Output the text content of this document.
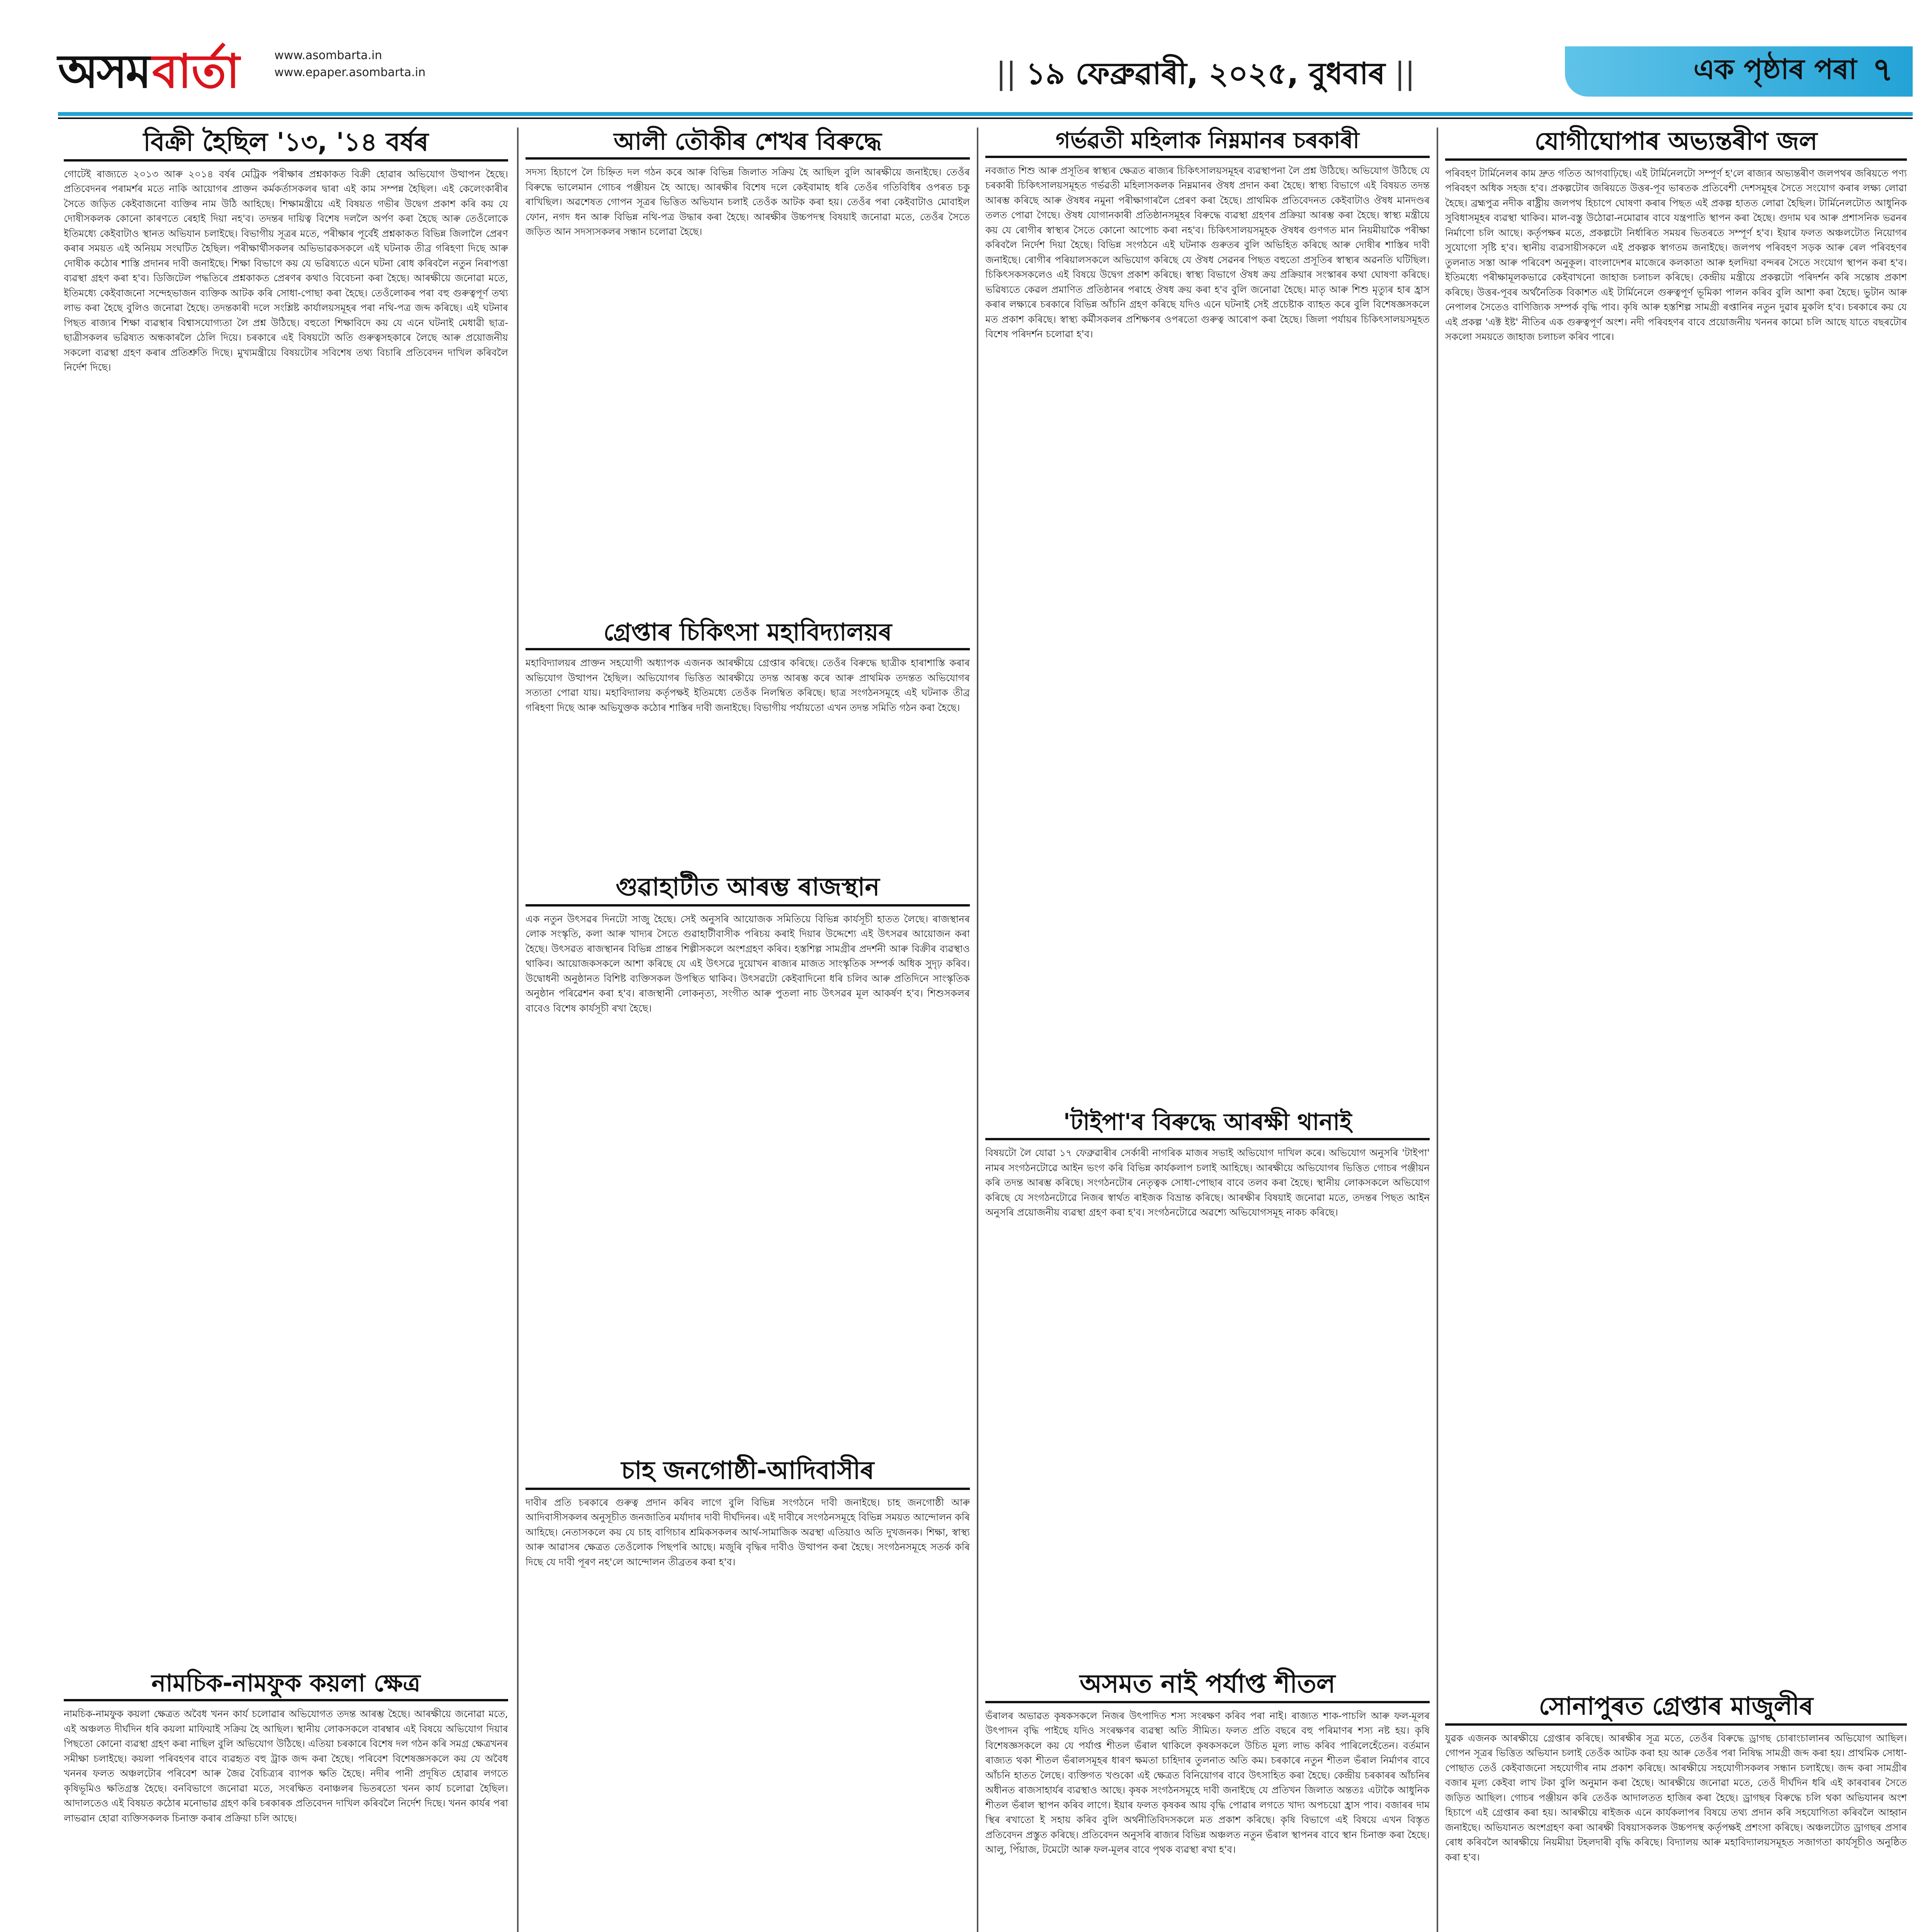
অসম বাৰ্তা	www.asombarta.in
www.epaper.asombarta.in	|| ১৯ ফেব্ৰুৱাৰী, ২০২৫, বুধবাৰ ||	এক পৃষ্ঠাৰ পৰা ৭
বিক্ৰী হৈছিল '১৩, '১৪ বৰ্ষৰ

গোটেই ৰাজ্যতে ২০১৩ আৰু ২০১৪ বৰ্ষৰ মেট্ৰিক পৰীক্ষাৰ প্ৰশ্নকাকত বিক্ৰী হোৱাৰ অভিযোগ উত্থাপন হৈছে। প্ৰতিবেদনৰ পৰামৰ্শৰ মতে নাকি আয়োগৰ প্ৰাক্তন কৰ্মকৰ্তাসকলৰ দ্বাৰা এই কাম সম্পন্ন হৈছিল। এই কেলেংকাৰীৰ সৈতে জড়িত কেইবাজনো ব্যক্তিৰ নাম উঠি আহিছে। শিক্ষামন্ত্ৰীয়ে এই বিষয়ত গভীৰ উদ্বেগ প্ৰকাশ কৰি কয় যে দোষীসকলক কোনো কাৰণতে ৰেহাই দিয়া নহ'ব। তদন্তৰ দায়িত্ব বিশেষ দললৈ অৰ্পণ কৰা হৈছে আৰু তেওঁলোকে ইতিমধ্যে কেইবাটাও স্থানত অভিযান চলাইছে। বিভাগীয় সূত্ৰৰ মতে, পৰীক্ষাৰ পূৰ্বেই প্ৰশ্নকাকত বিভিন্ন জিলালৈ প্ৰেৰণ কৰাৰ সময়ত এই অনিয়ম সংঘটিত হৈছিল। পৰীক্ষাৰ্থীসকলৰ অভিভাৱকসকলে এই ঘটনাক তীব্ৰ গৰিহণা দিছে আৰু দোষীক কঠোৰ শাস্তি প্ৰদানৰ দাবী জনাইছে। শিক্ষা বিভাগে কয় যে ভৱিষ্যতে এনে ঘটনা ৰোধ কৰিবলৈ নতুন নিৰাপত্তা ব্যৱস্থা গ্ৰহণ কৰা হ'ব। ডিজিটেল পদ্ধতিৰে প্ৰশ্নকাকত প্ৰেৰণৰ কথাও বিবেচনা কৰা হৈছে। আৰক্ষীয়ে জনোৱা মতে, ইতিমধ্যে কেইবাজনো সন্দেহভাজন ব্যক্তিক আটক কৰি সোধা-পোছা কৰা হৈছে। তেওঁলোকৰ পৰা বহু গুৰুত্বপূৰ্ণ তথ্য লাভ কৰা হৈছে বুলিও জনোৱা হৈছে। তদন্তকাৰী দলে সংশ্লিষ্ট কাৰ্যালয়সমূহৰ পৰা নথি-পত্ৰ জব্দ কৰিছে। এই ঘটনাৰ পিছত ৰাজ্যৰ শিক্ষা ব্যৱস্থাৰ বিশ্বাসযোগ্যতা লৈ প্ৰশ্ন উঠিছে। বহুতো শিক্ষাবিদে কয় যে এনে ঘটনাই মেধাৱী ছাত্ৰ-ছাত্ৰীসকলৰ ভৱিষ্যত অন্ধকাৰলৈ ঠেলি দিয়ে। চৰকাৰে এই বিষয়টো অতি গুৰুত্বসহকাৰে লৈছে আৰু প্ৰয়োজনীয় সকলো ব্যৱস্থা গ্ৰহণ কৰাৰ প্ৰতিশ্ৰুতি দিছে। মুখ্যমন্ত্ৰীয়ে বিষয়টোৰ সবিশেষ তথ্য বিচাৰি প্ৰতিবেদন দাখিল কৰিবলৈ নিৰ্দেশ দিছে।

নামচিক-নামফুক কয়লা ক্ষেত্ৰ

নামচিক-নামফুক কয়লা ক্ষেত্ৰত অবৈধ খনন কাৰ্য চলোৱাৰ অভিযোগত তদন্ত আৰম্ভ হৈছে। আৰক্ষীয়ে জনোৱা মতে, এই অঞ্চলত দীৰ্ঘদিন ধৰি কয়লা মাফিয়াই সক্ৰিয় হৈ আছিল। স্থানীয় লোকসকলে বাৰম্বাৰ এই বিষয়ে অভিযোগ দিয়াৰ পিছতো কোনো ব্যৱস্থা গ্ৰহণ কৰা নাছিল বুলি অভিযোগ উঠিছে। এতিয়া চৰকাৰে বিশেষ দল গঠন কৰি সমগ্ৰ ক্ষেত্ৰখনৰ সমীক্ষা চলাইছে। কয়লা পৰিবহণৰ বাবে ব্যৱহৃত বহু ট্ৰাক জব্দ কৰা হৈছে। পৰিবেশ বিশেষজ্ঞসকলে কয় যে অবৈধ খননৰ ফলত অঞ্চলটোৰ পৰিবেশ আৰু জৈৱ বৈচিত্ৰ্যৰ ব্যাপক ক্ষতি হৈছে। নদীৰ পানী প্ৰদূষিত হোৱাৰ লগতে কৃষিভূমিও ক্ষতিগ্ৰস্ত হৈছে। বনবিভাগে জনোৱা মতে, সংৰক্ষিত বনাঞ্চলৰ ভিতৰতো খনন কাৰ্য চলোৱা হৈছিল। আদালতেও এই বিষয়ত কঠোৰ মনোভাৱ গ্ৰহণ কৰি চৰকাৰক প্ৰতিবেদন দাখিল কৰিবলৈ নিৰ্দেশ দিছে। খনন কাৰ্যৰ পৰা লাভৱান হোৱা ব্যক্তিসকলক চিনাক্ত কৰাৰ প্ৰক্ৰিয়া চলি আছে।

আলী তৌকীৰ শেখৰ বিৰুদ্ধে

সদস্য হিচাপে লৈ চিহ্নিত দল গঠন কৰে আৰু বিভিন্ন জিলাত সক্ৰিয় হৈ আছিল বুলি আৰক্ষীয়ে জনাইছে। তেওঁৰ বিৰুদ্ধে ভালেমান গোচৰ পঞ্জীয়ন হৈ আছে। আৰক্ষীৰ বিশেষ দলে কেইবামাহ ধৰি তেওঁৰ গতিবিধিৰ ওপৰত চকু ৰাখিছিল। অৱশেষত গোপন সূত্ৰৰ ভিত্তিত অভিযান চলাই তেওঁক আটক কৰা হয়। তেওঁৰ পৰা কেইবাটাও মোবাইল ফোন, নগদ ধন আৰু বিভিন্ন নথি-পত্ৰ উদ্ধাৰ কৰা হৈছে। আৰক্ষীৰ উচ্চপদস্থ বিষয়াই জনোৱা মতে, তেওঁৰ সৈতে জড়িত আন সদস্যসকলৰ সন্ধান চলোৱা হৈছে।

গ্ৰেপ্তাৰ চিকিৎসা মহাবিদ্যালয়ৰ

মহাবিদ্যালয়ৰ প্ৰাক্তন সহযোগী অধ্যাপক এজনক আৰক্ষীয়ে গ্ৰেপ্তাৰ কৰিছে। তেওঁৰ বিৰুদ্ধে ছাত্ৰীক হাৰাশাস্তি কৰাৰ অভিযোগ উত্থাপন হৈছিল। অভিযোগৰ ভিত্তিত আৰক্ষীয়ে তদন্ত আৰম্ভ কৰে আৰু প্ৰাথমিক তদন্তত অভিযোগৰ সত্যতা পোৱা যায়। মহাবিদ্যালয় কৰ্তৃপক্ষই ইতিমধ্যে তেওঁক নিলম্বিত কৰিছে। ছাত্ৰ সংগঠনসমূহে এই ঘটনাক তীব্ৰ গৰিহণা দিছে আৰু অভিযুক্তক কঠোৰ শাস্তিৰ দাবী জনাইছে। বিভাগীয় পৰ্যায়তো এখন তদন্ত সমিতি গঠন কৰা হৈছে।

গুৱাহাটীত আৰম্ভ ৰাজস্থান

এক নতুন উৎসৱৰ দিনটো সাজু হৈছে। সেই অনুসৰি আয়োজক সমিতিয়ে বিভিন্ন কাৰ্যসূচী হাতত লৈছে। ৰাজস্থানৰ লোক সংস্কৃতি, কলা আৰু খাদ্যৰ সৈতে গুৱাহাটীবাসীক পৰিচয় কৰাই দিয়াৰ উদ্দেশ্যে এই উৎসৱৰ আয়োজন কৰা হৈছে। উৎসৱত ৰাজস্থানৰ বিভিন্ন প্ৰান্তৰ শিল্পীসকলে অংশগ্ৰহণ কৰিব। হস্তশিল্প সামগ্ৰীৰ প্ৰদৰ্শনী আৰু বিক্ৰীৰ ব্যৱস্থাও থাকিব। আয়োজকসকলে আশা কৰিছে যে এই উৎসৱে দুয়োখন ৰাজ্যৰ মাজত সাংস্কৃতিক সম্পৰ্ক অধিক সুদৃঢ় কৰিব। উদ্বোধনী অনুষ্ঠানত বিশিষ্ট ব্যক্তিসকল উপস্থিত থাকিব। উৎসৱটো কেইবাদিনো ধৰি চলিব আৰু প্ৰতিদিনে সাংস্কৃতিক অনুষ্ঠান পৰিৱেশন কৰা হ'ব। ৰাজস্থানী লোকনৃত্য, সংগীত আৰু পুতলা নাচ উৎসৱৰ মূল আকৰ্ষণ হ'ব। শিশুসকলৰ বাবেও বিশেষ কাৰ্যসূচী ৰখা হৈছে।

চাহ জনগোষ্ঠী-আদিবাসীৰ

দাবীৰ প্ৰতি চৰকাৰে গুৰুত্ব প্ৰদান কৰিব লাগে বুলি বিভিন্ন সংগঠনে দাবী জনাইছে। চাহ জনগোষ্ঠী আৰু আদিবাসীসকলৰ অনুসূচীত জনজাতিৰ মৰ্যাদাৰ দাবী দীৰ্ঘদিনৰ। এই দাবীৰে সংগঠনসমূহে বিভিন্ন সময়ত আন্দোলন কৰি আহিছে। নেতাসকলে কয় যে চাহ বাগিচাৰ শ্ৰমিকসকলৰ আৰ্থ-সামাজিক অৱস্থা এতিয়াও অতি দুখজনক। শিক্ষা, স্বাস্থ্য আৰু আৱাসৰ ক্ষেত্ৰত তেওঁলোক পিছপৰি আছে। মজুৰি বৃদ্ধিৰ দাবীও উত্থাপন কৰা হৈছে। সংগঠনসমূহে সতৰ্ক কৰি দিছে যে দাবী পূৰণ নহ'লে আন্দোলন তীব্ৰতৰ কৰা হ'ব।

গৰ্ভৱতী মহিলাক নিম্নমানৰ চৰকাৰী

নবজাত শিশু আৰু প্ৰসূতিৰ স্বাস্থ্যৰ ক্ষেত্ৰত ৰাজ্যৰ চিকিৎসালয়সমূহৰ ব্যৱস্থাপনা লৈ প্ৰশ্ন উঠিছে। অভিযোগ উঠিছে যে চৰকাৰী চিকিৎসালয়সমূহত গৰ্ভৱতী মহিলাসকলক নিম্নমানৰ ঔষধ প্ৰদান কৰা হৈছে। স্বাস্থ্য বিভাগে এই বিষয়ত তদন্ত আৰম্ভ কৰিছে আৰু ঔষধৰ নমুনা পৰীক্ষাগাৰলৈ প্ৰেৰণ কৰা হৈছে। প্ৰাথমিক প্ৰতিবেদনত কেইবাটাও ঔষধ মানদণ্ডৰ তলত পোৱা গৈছে। ঔষধ যোগানকাৰী প্ৰতিষ্ঠানসমূহৰ বিৰুদ্ধে ব্যৱস্থা গ্ৰহণৰ প্ৰক্ৰিয়া আৰম্ভ কৰা হৈছে। স্বাস্থ্য মন্ত্ৰীয়ে কয় যে ৰোগীৰ স্বাস্থ্যৰ সৈতে কোনো আপোচ কৰা নহ'ব। চিকিৎসালয়সমূহক ঔষধৰ গুণগত মান নিয়মীয়াকৈ পৰীক্ষা কৰিবলৈ নিৰ্দেশ দিয়া হৈছে। বিভিন্ন সংগঠনে এই ঘটনাক গুৰুতৰ বুলি অভিহিত কৰিছে আৰু দোষীৰ শাস্তিৰ দাবী জনাইছে। ৰোগীৰ পৰিয়ালসকলে অভিযোগ কৰিছে যে ঔষধ সেৱনৰ পিছত বহুতো প্ৰসূতিৰ স্বাস্থ্যৰ অৱনতি ঘটিছিল। চিকিৎসকসকলেও এই বিষয়ে উদ্বেগ প্ৰকাশ কৰিছে। স্বাস্থ্য বিভাগে ঔষধ ক্ৰয় প্ৰক্ৰিয়াৰ সংস্কাৰৰ কথা ঘোষণা কৰিছে। ভৱিষ্যতে কেৱল প্ৰমাণিত প্ৰতিষ্ঠানৰ পৰাহে ঔষধ ক্ৰয় কৰা হ'ব বুলি জনোৱা হৈছে। মাতৃ আৰু শিশু মৃত্যুৰ হাৰ হ্ৰাস কৰাৰ লক্ষ্যৰে চৰকাৰে বিভিন্ন আঁচনি গ্ৰহণ কৰিছে যদিও এনে ঘটনাই সেই প্ৰচেষ্টাক ব্যাহত কৰে বুলি বিশেষজ্ঞসকলে মত প্ৰকাশ কৰিছে। স্বাস্থ্য কৰ্মীসকলৰ প্ৰশিক্ষণৰ ওপৰতো গুৰুত্ব আৰোপ কৰা হৈছে। জিলা পৰ্যায়ৰ চিকিৎসালয়সমূহত বিশেষ পৰিদৰ্শন চলোৱা হ'ব।

'টাইপা'ৰ বিৰুদ্ধে আৰক্ষী থানাই

বিষয়টো লৈ যোৱা ১৭ ফেব্ৰুৱাৰীৰ সেৰ্কাৰী নাগৰিক মাজৰ সভাই অভিযোগ দাখিল কৰে। অভিযোগ অনুসৰি 'টাইপা' নামৰ সংগঠনটোৱে আইন ভংগ কৰি বিভিন্ন কাৰ্যকলাপ চলাই আহিছে। আৰক্ষীয়ে অভিযোগৰ ভিত্তিত গোচৰ পঞ্জীয়ন কৰি তদন্ত আৰম্ভ কৰিছে। সংগঠনটোৰ নেতৃত্বক সোধা-পোছাৰ বাবে তলব কৰা হৈছে। স্থানীয় লোকসকলে অভিযোগ কৰিছে যে সংগঠনটোৱে নিজৰ স্বাৰ্থত ৰাইজক বিভ্ৰান্ত কৰিছে। আৰক্ষীৰ বিষয়াই জনোৱা মতে, তদন্তৰ পিছত আইন অনুসৰি প্ৰয়োজনীয় ব্যৱস্থা গ্ৰহণ কৰা হ'ব। সংগঠনটোৱে অৱশ্যে অভিযোগসমূহ নাকচ কৰিছে।

অসমত নাই পৰ্যাপ্ত শীতল

ভঁৰালৰ অভাৱত কৃষকসকলে নিজৰ উৎপাদিত শস্য সংৰক্ষণ কৰিব পৰা নাই। ৰাজ্যত শাক-পাচলি আৰু ফল-মূলৰ উৎপাদন বৃদ্ধি পাইছে যদিও সংৰক্ষণৰ ব্যৱস্থা অতি সীমিত। ফলত প্ৰতি বছৰে বহু পৰিমাণৰ শস্য নষ্ট হয়। কৃষি বিশেষজ্ঞসকলে কয় যে পৰ্যাপ্ত শীতল ভঁৰাল থাকিলে কৃষকসকলে উচিত মূল্য লাভ কৰিব পাৰিলেহেঁতেন। বৰ্তমান ৰাজ্যত থকা শীতল ভঁৰালসমূহৰ ধাৰণ ক্ষমতা চাহিদাৰ তুলনাত অতি কম। চৰকাৰে নতুন শীতল ভঁৰাল নিৰ্মাণৰ বাবে আঁচনি হাতত লৈছে। ব্যক্তিগত খণ্ডকো এই ক্ষেত্ৰত বিনিয়োগৰ বাবে উৎসাহিত কৰা হৈছে। কেন্দ্ৰীয় চৰকাৰৰ আঁচনিৰ অধীনত ৰাজসাহাৰ্যৰ ব্যৱস্থাও আছে। কৃষক সংগঠনসমূহে দাবী জনাইছে যে প্ৰতিখন জিলাত অন্ততঃ এটাকৈ আধুনিক শীতল ভঁৰাল স্থাপন কৰিব লাগে। ইয়াৰ ফলত কৃষকৰ আয় বৃদ্ধি পোৱাৰ লগতে খাদ্য অপচয়ো হ্ৰাস পাব। বজাৰৰ দাম স্থিৰ ৰখাতো ই সহায় কৰিব বুলি অৰ্থনীতিবিদসকলে মত প্ৰকাশ কৰিছে। কৃষি বিভাগে এই বিষয়ে এখন বিস্তৃত প্ৰতিবেদন প্ৰস্তুত কৰিছে। প্ৰতিবেদন অনুসৰি ৰাজ্যৰ বিভিন্ন অঞ্চলত নতুন ভঁৰাল স্থাপনৰ বাবে স্থান চিনাক্ত কৰা হৈছে। আলু, পিঁয়াজ, টমেটো আৰু ফল-মূলৰ বাবে পৃথক ব্যৱস্থা ৰখা হ'ব।

যোগীঘোপাৰ অভ্যন্তৰীণ জল

পৰিবহণ টাৰ্মিনেলৰ কাম দ্ৰুত গতিত আগবাঢ়িছে। এই টাৰ্মিনেলটো সম্পূৰ্ণ হ'লে ৰাজ্যৰ অভ্যন্তৰীণ জলপথৰ জৰিয়তে পণ্য পৰিবহণ অধিক সহজ হ'ব। প্ৰকল্পটোৰ জৰিয়তে উত্তৰ-পূব ভাৰতক প্ৰতিবেশী দেশসমূহৰ সৈতে সংযোগ কৰাৰ লক্ষ্য লোৱা হৈছে। ব্ৰহ্মপুত্ৰ নদীক ৰাষ্ট্ৰীয় জলপথ হিচাপে ঘোষণা কৰাৰ পিছত এই প্ৰকল্প হাতত লোৱা হৈছিল। টাৰ্মিনেলটোত আধুনিক সুবিধাসমূহৰ ব্যৱস্থা থাকিব। মাল-বস্তু উঠোৱা-নমোৱাৰ বাবে যন্ত্ৰপাতি স্থাপন কৰা হৈছে। গুদাম ঘৰ আৰু প্ৰশাসনিক ভৱনৰ নিৰ্মাণো চলি আছে। কৰ্তৃপক্ষৰ মতে, প্ৰকল্পটো নিৰ্ধাৰিত সময়ৰ ভিতৰতে সম্পূৰ্ণ হ'ব। ইয়াৰ ফলত অঞ্চলটোত নিয়োগৰ সুযোগো সৃষ্টি হ'ব। স্থানীয় ব্যৱসায়ীসকলে এই প্ৰকল্পক স্বাগতম জনাইছে। জলপথ পৰিবহণ সড়ক আৰু ৰেল পৰিবহণৰ তুলনাত সস্তা আৰু পৰিবেশ অনুকূল। বাংলাদেশৰ মাজেৰে কলকাতা আৰু হলদিয়া বন্দৰৰ সৈতে সংযোগ স্থাপন কৰা হ'ব। ইতিমধ্যে পৰীক্ষামূলকভাৱে কেইবাখনো জাহাজ চলাচল কৰিছে। কেন্দ্ৰীয় মন্ত্ৰীয়ে প্ৰকল্পটো পৰিদৰ্শন কৰি সন্তোষ প্ৰকাশ কৰিছে। উত্তৰ-পূবৰ অৰ্থনৈতিক বিকাশত এই টাৰ্মিনেলে গুৰুত্বপূৰ্ণ ভূমিকা পালন কৰিব বুলি আশা কৰা হৈছে। ভুটান আৰু নেপালৰ সৈতেও বাণিজ্যিক সম্পৰ্ক বৃদ্ধি পাব। কৃষি আৰু হস্তশিল্প সামগ্ৰী ৰপ্তানিৰ নতুন দুৱাৰ মুকলি হ'ব। চৰকাৰে কয় যে এই প্ৰকল্প 'এক্ট ইষ্ট' নীতিৰ এক গুৰুত্বপূৰ্ণ অংশ। নদী পৰিবহণৰ বাবে প্ৰয়োজনীয় খননৰ কামো চলি আছে যাতে বছৰটোৰ সকলো সময়তে জাহাজ চলাচল কৰিব পাৰে।

সোনাপুৰত গ্ৰেপ্তাৰ মাজুলীৰ

যুৱক এজনক আৰক্ষীয়ে গ্ৰেপ্তাৰ কৰিছে। আৰক্ষীৰ সূত্ৰ মতে, তেওঁৰ বিৰুদ্ধে ড্ৰাগছ চোৰাংচালানৰ অভিযোগ আছিল। গোপন সূত্ৰৰ ভিত্তিত অভিযান চলাই তেওঁক আটক কৰা হয় আৰু তেওঁৰ পৰা নিষিদ্ধ সামগ্ৰী জব্দ কৰা হয়। প্ৰাথমিক সোধা-পোছাত তেওঁ কেইবাজনো সহযোগীৰ নাম প্ৰকাশ কৰিছে। আৰক্ষীয়ে সহযোগীসকলৰ সন্ধান চলাইছে। জব্দ কৰা সামগ্ৰীৰ বজাৰ মূল্য কেইবা লাখ টকা বুলি অনুমান কৰা হৈছে। আৰক্ষীয়ে জনোৱা মতে, তেওঁ দীৰ্ঘদিন ধৰি এই কাৰবাৰৰ সৈতে জড়িত আছিল। গোচৰ পঞ্জীয়ন কৰি তেওঁক আদালতত হাজিৰ কৰা হৈছে। ড্ৰাগছৰ বিৰুদ্ধে চলি থকা অভিযানৰ অংশ হিচাপে এই গ্ৰেপ্তাৰ কৰা হয়। আৰক্ষীয়ে ৰাইজক এনে কাৰ্যকলাপৰ বিষয়ে তথ্য প্ৰদান কৰি সহযোগিতা কৰিবলৈ আহ্বান জনাইছে। অভিযানত অংশগ্ৰহণ কৰা আৰক্ষী বিষয়াসকলক উচ্চপদস্থ কৰ্তৃপক্ষই প্ৰশংসা কৰিছে। অঞ্চলটোত ড্ৰাগছৰ প্ৰসাৰ ৰোধ কৰিবলৈ আৰক্ষীয়ে নিয়মীয়া টহলদাৰী বৃদ্ধি কৰিছে। বিদ্যালয় আৰু মহাবিদ্যালয়সমূহত সজাগতা কাৰ্যসূচীও অনুষ্ঠিত কৰা হ'ব।
